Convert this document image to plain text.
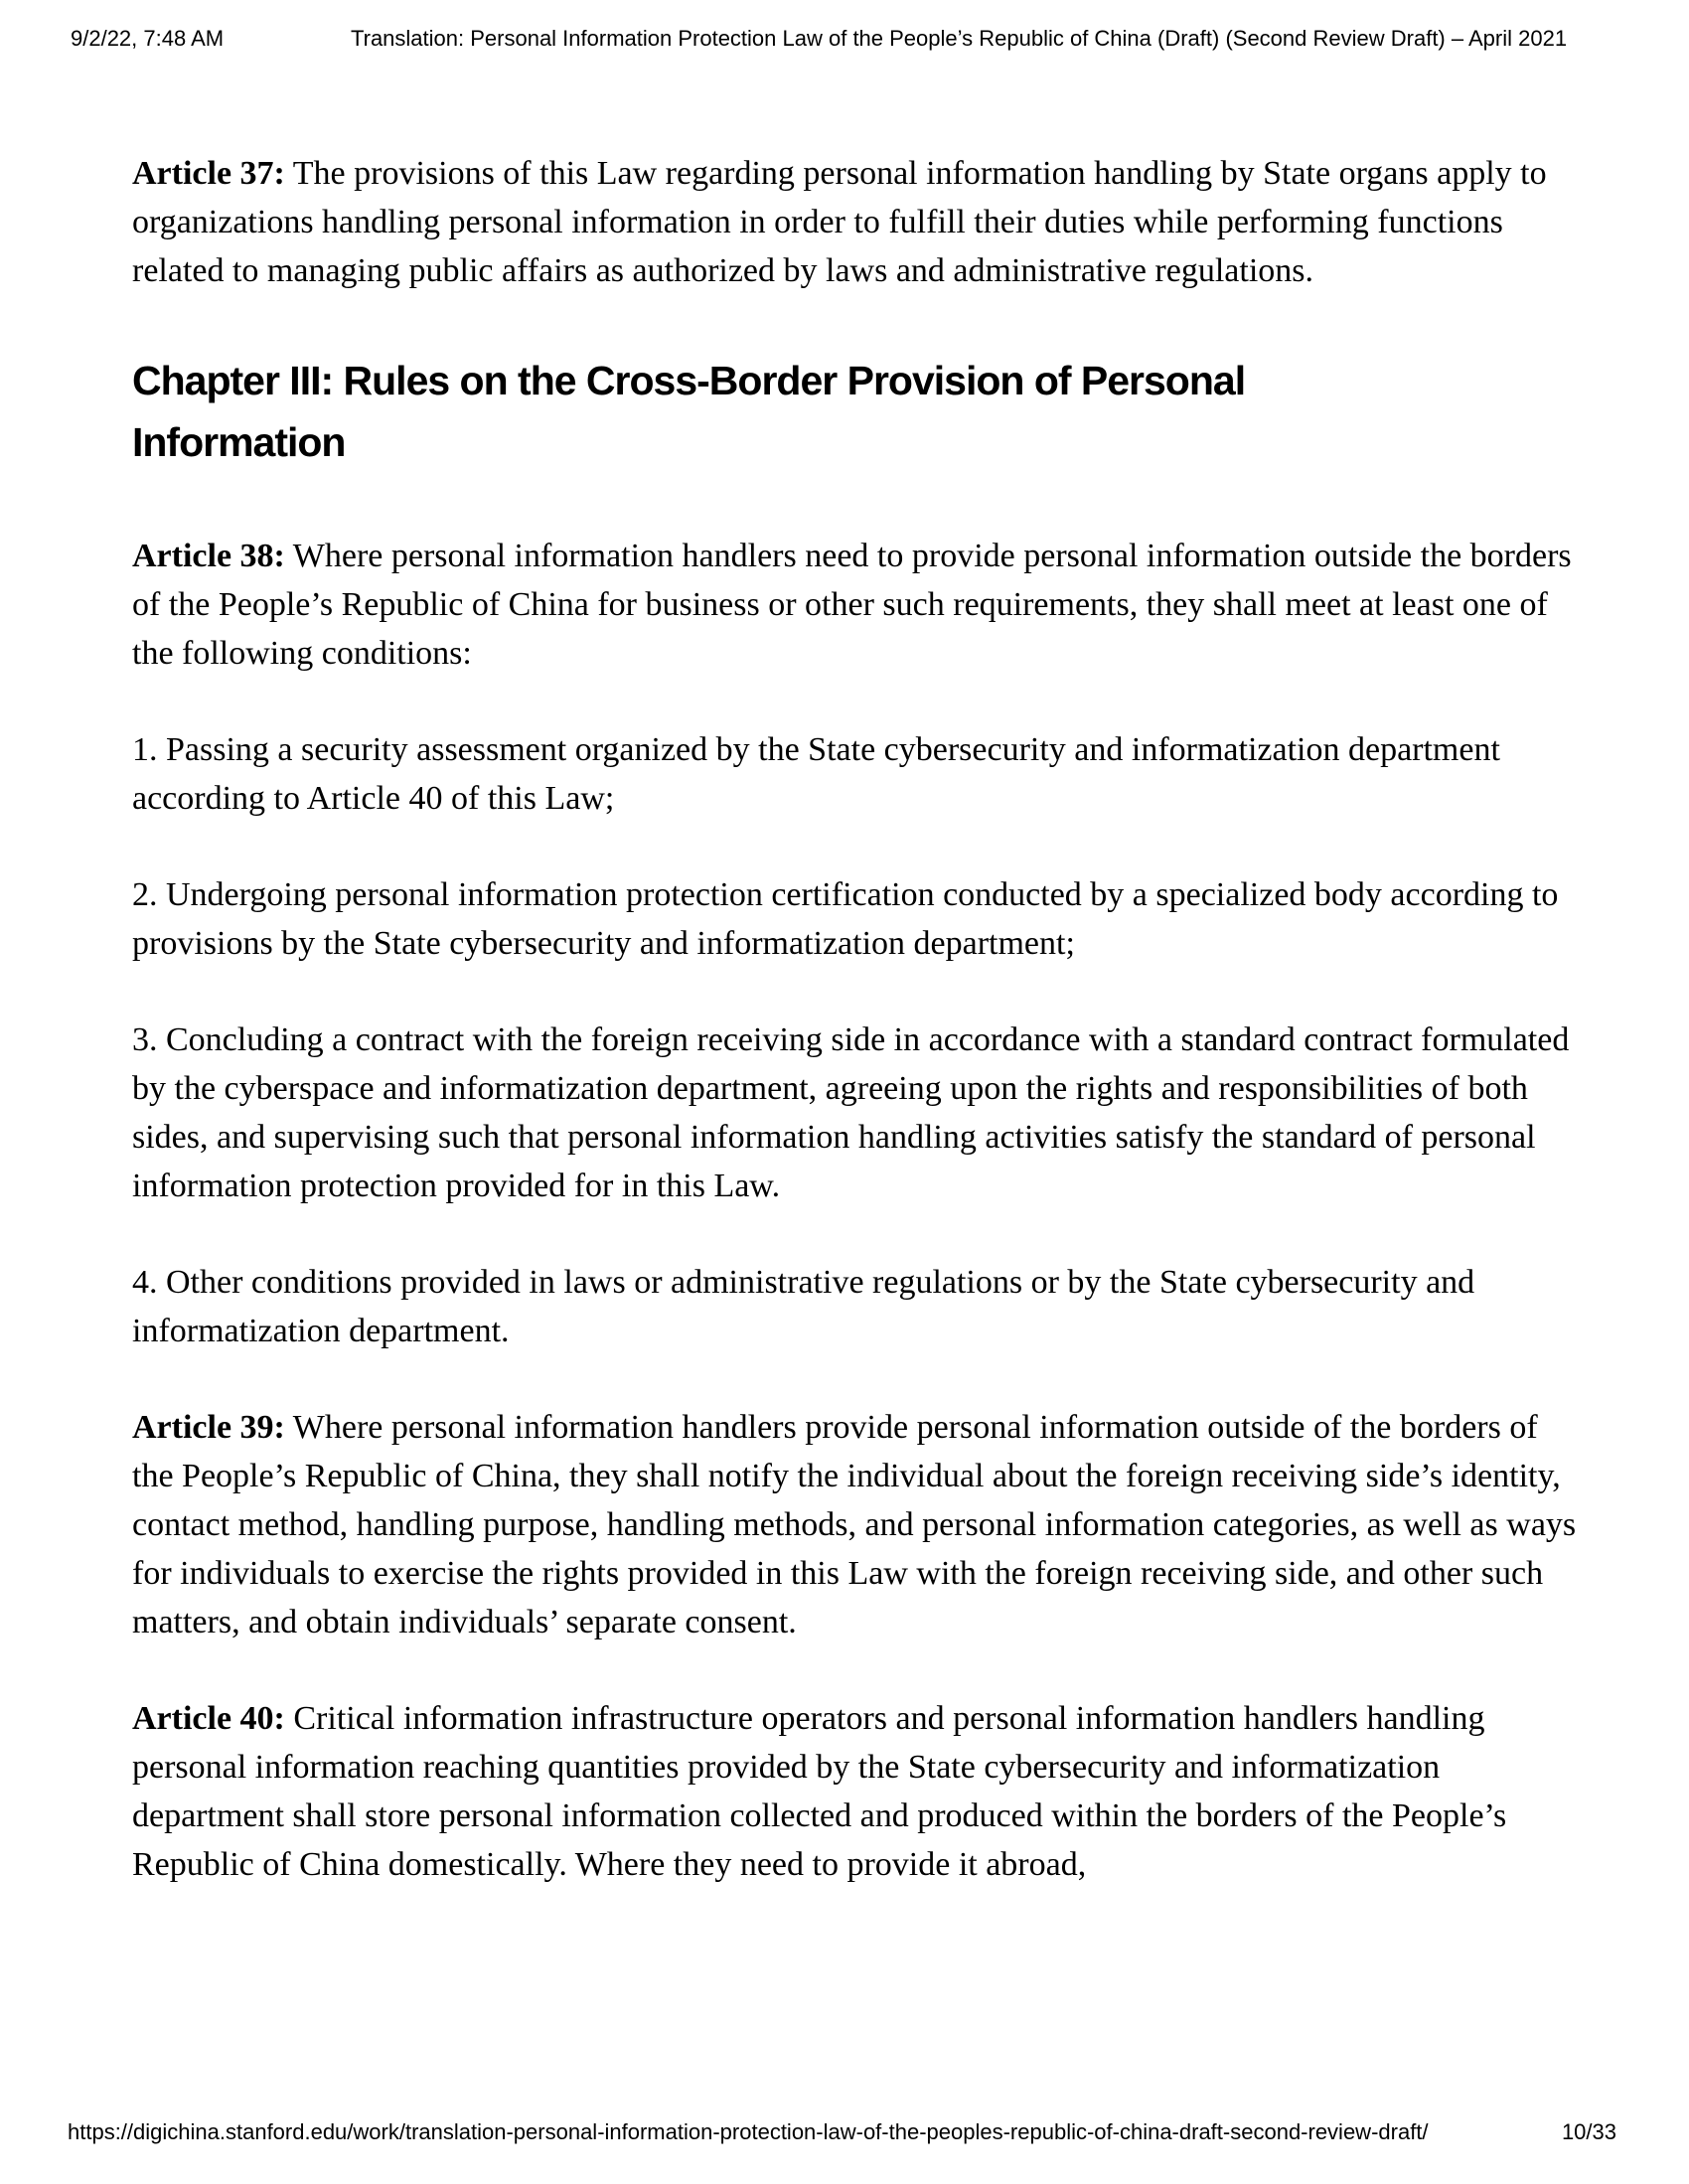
9/2/22, 7:48 AM	Translation: Personal Information Protection Law of the People’s Republic of China (Draft) (Second Review Draft) – April 2021

Article 37: The provisions of this Law regarding personal information handling by State organs apply to organizations handling personal information in order to fulfill their duties while performing functions related to managing public affairs as authorized by laws and administrative regulations.

Chapter III: Rules on the Cross-Border Provision of Personal Information

Article 38: Where personal information handlers need to provide personal information outside the borders of the People’s Republic of China for business or other such requirements, they shall meet at least one of the following conditions:

1. Passing a security assessment organized by the State cybersecurity and informatization department according to Article 40 of this Law;

2. Undergoing personal information protection certification conducted by a specialized body according to provisions by the State cybersecurity and informatization department;

3. Concluding a contract with the foreign receiving side in accordance with a standard contract formulated by the cyberspace and informatization department, agreeing upon the rights and responsibilities of both sides, and supervising such that personal information handling activities satisfy the standard of personal information protection provided for in this Law.

4. Other conditions provided in laws or administrative regulations or by the State cybersecurity and informatization department.

Article 39: Where personal information handlers provide personal information outside of the borders of the People’s Republic of China, they shall notify the individual about the foreign receiving side’s identity, contact method, handling purpose, handling methods, and personal information categories, as well as ways for individuals to exercise the rights provided in this Law with the foreign receiving side, and other such matters, and obtain individuals’ separate consent.

Article 40: Critical information infrastructure operators and personal information handlers handling personal information reaching quantities provided by the State cybersecurity and informatization department shall store personal information collected and produced within the borders of the People’s Republic of China domestically. Where they need to provide it abroad,

https://digichina.stanford.edu/work/translation-personal-information-protection-law-of-the-peoples-republic-of-china-draft-second-review-draft/	10/33
